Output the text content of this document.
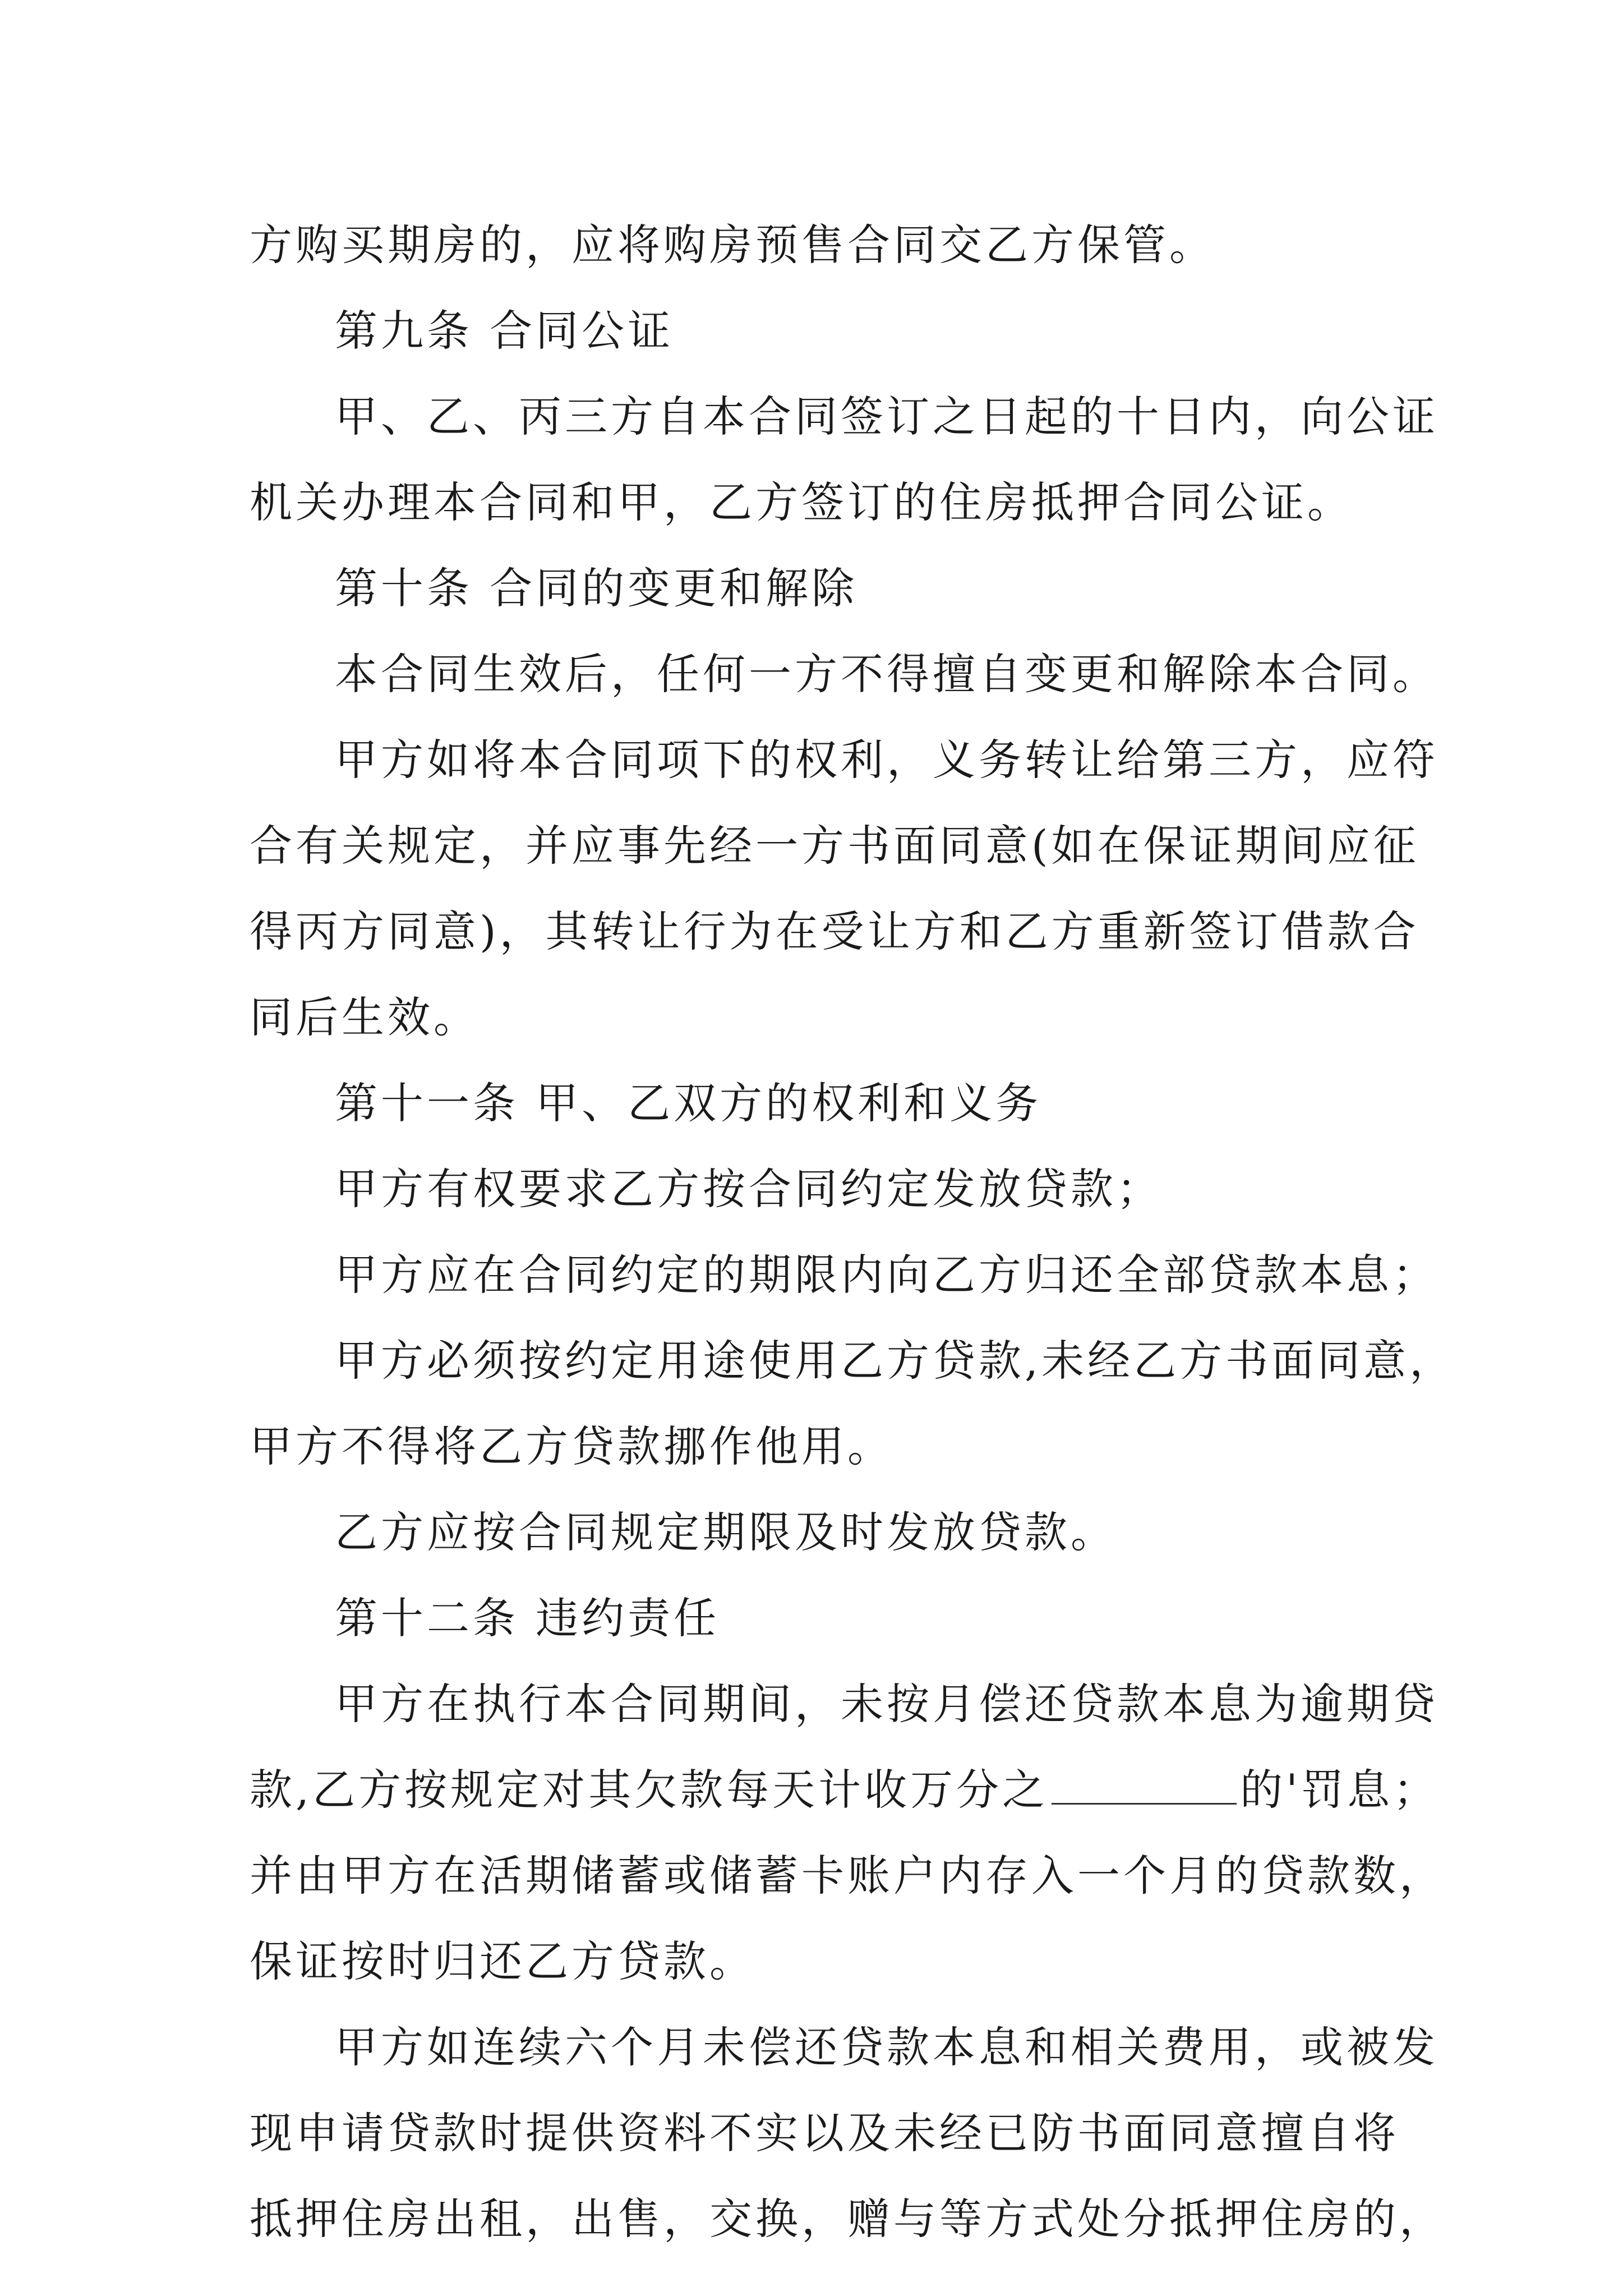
方购买期房的，应将购房预售合同交乙方保管。
第九条 合同公证
甲、乙、丙三方自本合同签订之日起的十日内，向公证
机关办理本合同和甲，乙方签订的住房抵押合同公证。
第十条 合同的变更和解除
本合同生效后，任何一方不得擅自变更和解除本合同。
甲方如将本合同项下的权利，义务转让给第三方，应符
合有关规定，并应事先经一方书面同意(如在保证期间应征
得丙方同意)，其转让行为在受让方和乙方重新签订借款合
同后生效。
第十一条 甲、乙双方的权利和义务
甲方有权要求乙方按合同约定发放贷款；
甲方应在合同约定的期限内向乙方归还全部贷款本息；
甲方必须按约定用途使用乙方贷款,未经乙方书面同意，
甲方不得将乙方贷款挪作他用。
乙方应按合同规定期限及时发放贷款。
第十二条 违约责任
甲方在执行本合同期间，未按月偿还贷款本息为逾期贷
款,乙方按规定对其欠款每天计收万分之	的'罚息；
并由甲方在活期储蓄或储蓄卡账户内存入一个月的贷款数，
保证按时归还乙方贷款。
甲方如连续六个月未偿还贷款本息和相关费用，或被发
现申请贷款时提供资料不实以及未经已防书面同意擅自将
抵押住房出租，出售，交换，赠与等方式处分抵押住房的，
